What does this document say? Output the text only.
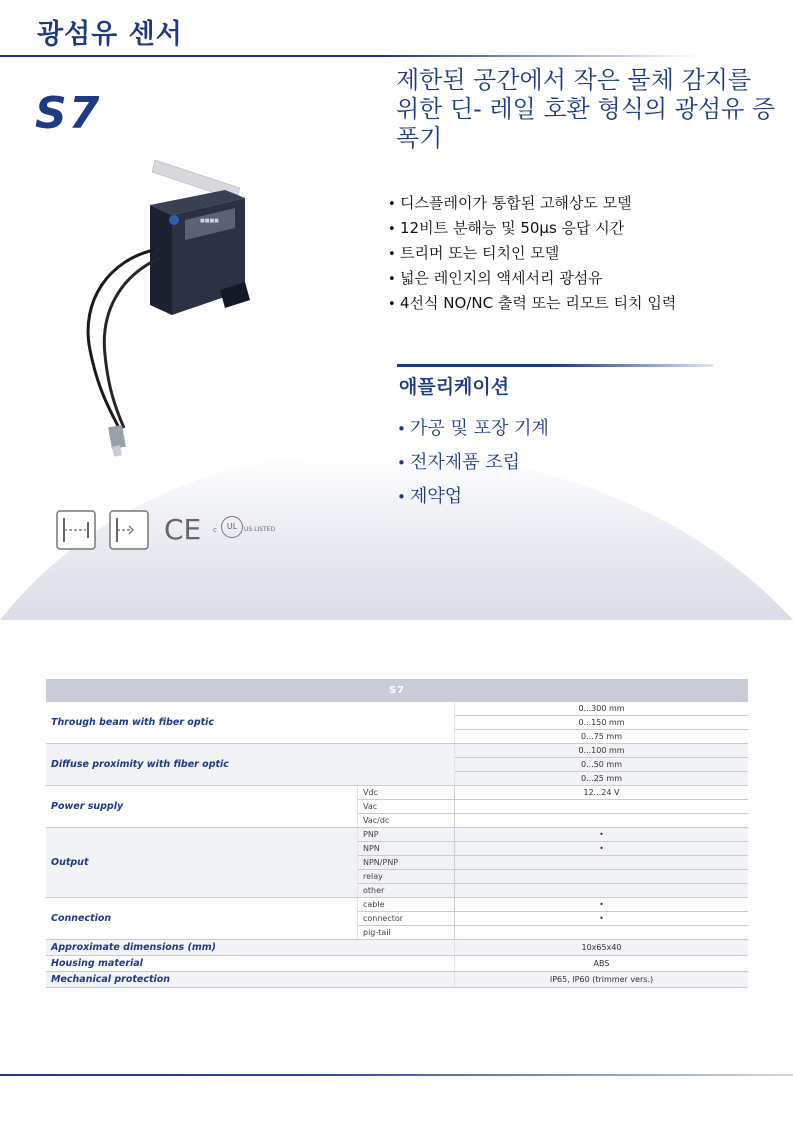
광섬유 센서
S7
제한된 공간에서 작은 물체 감지를 위한 딘- 레일 호환 형식의 광섬유 증폭기
• 디스플레이가 통합된 고해상도 모델
• 12비트 분해능 및 50µs 응답 시간
• 트리머 또는 티치인 모델
• 넓은 레인지의 액세서리 광섬유
• 4선식 NO/NC 출력 또는 리모트 티치 입력
애플리케이션
• 가공 및 포장 기계
• 전자제품 조립
• 제약업
■■■■
CE c	UL	US LISTED
S7		
Through beam with fiber optic		0...300 mm
		0...150 mm
		0...75 mm
Diffuse proximity with fiber optic		0...100 mm
		0...50 mm
		0...25 mm
Power supply	Vdc	12...24 V
	Vac	
	Vac/dc	
Output	PNP	•
	NPN	•
	NPN/PNP	
	relay	
	other	
Connection	cable	•
	connector	•
	pig-tail	
Approximate dimensions (mm)		10x65x40
Housing material		ABS
Mechanical protection		IP65, IP60 (trimmer vers.)
